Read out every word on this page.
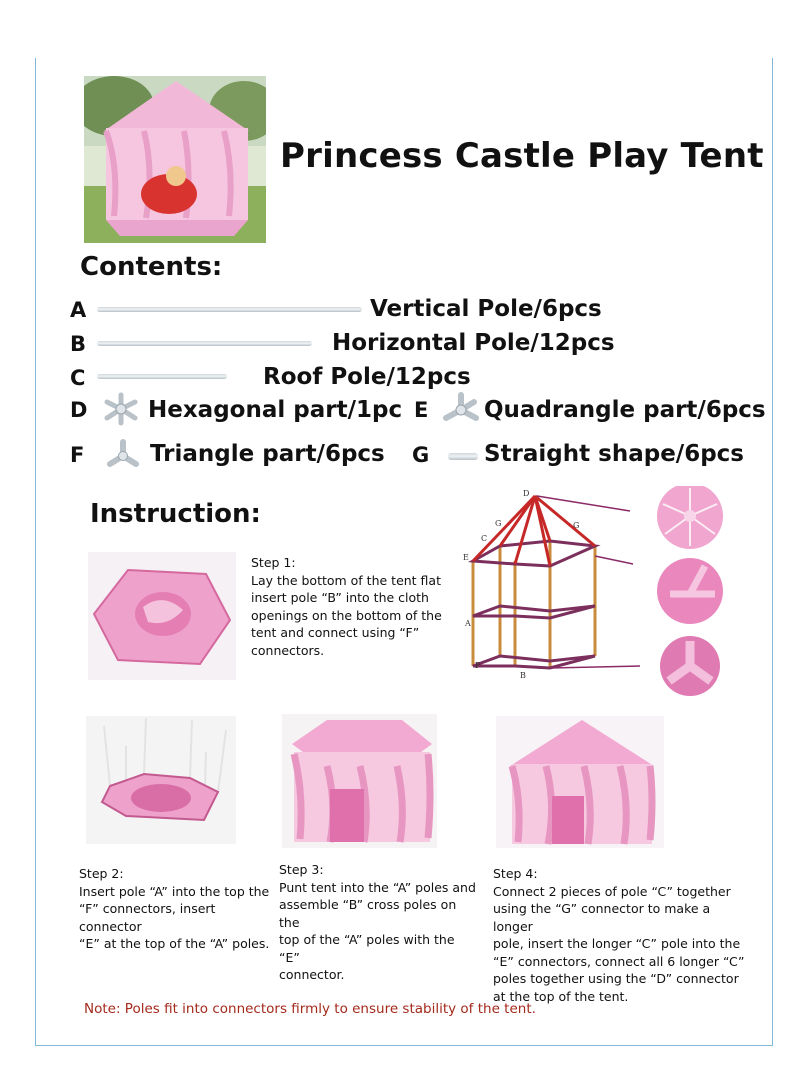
Princess Castle Play Tent
Contents:
A	Vertical Pole/6pcs
B	Horizontal Pole/12pcs
C	Roof Pole/12pcs
D	Hexagonal part/1pc E Quadrangle part/6pcs
F	Triangle part/6pcs G Straight shape/6pcs
Instruction:
D
G	G
C
E
A
F
B
Step 1:
Lay the bottom of the tent flat
insert pole “B” into the cloth
openings on the bottom of the
tent and connect using “F”
connectors.
Step 2:
Insert pole “A” into the top the
“F” connectors, insert connector
“E” at the top of the “A” poles.
Step 3:
Punt tent into the “A” poles and
assemble “B” cross poles on the
top of the “A” poles with the “E”
connector.
Step 4:
Connect 2 pieces of pole “C” together
using the “G” connector to make a longer
pole, insert the longer “C” pole into the
“E” connectors, connect all 6 longer “C”
poles together using the “D” connector
at the top of the tent.
Note: Poles fit into connectors firmly to ensure stability of the tent.
